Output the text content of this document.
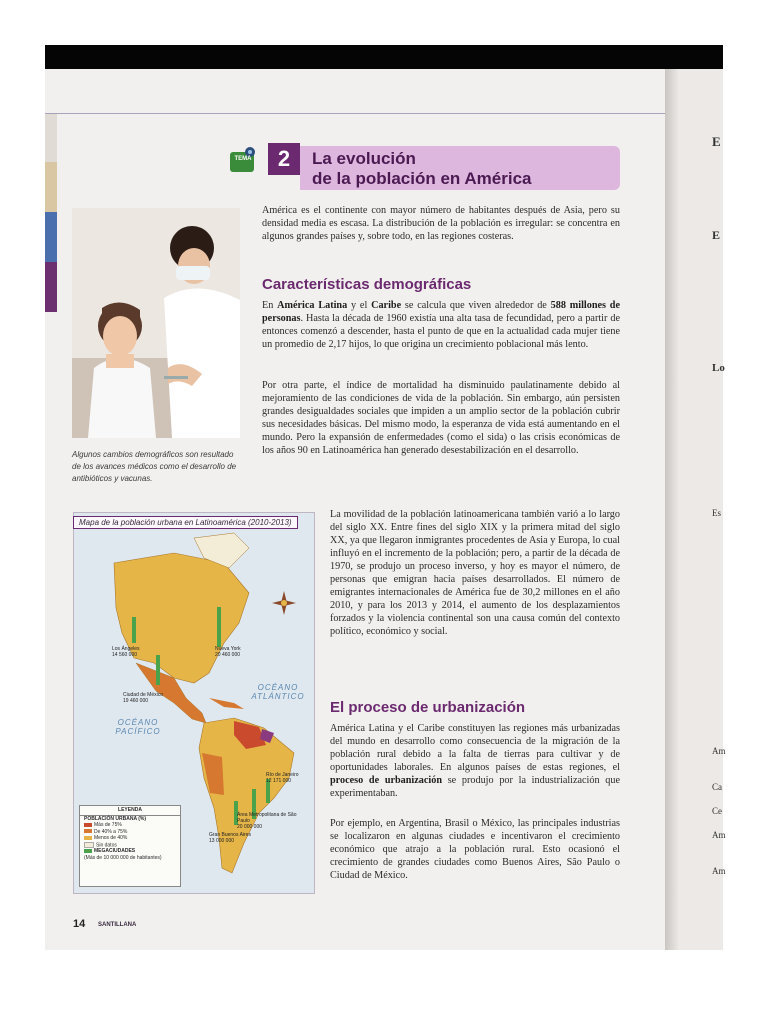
TEMA	2	La evolución
de la población en América
Algunos cambios demográficos son resultado de los avances médicos como el desarrollo de antibióticos y vacunas.

América es el continente con mayor número de habitantes después de Asia, pero su densidad media es escasa. La distribución de la población es irregular: se concentra en algunos grandes países y, sobre todo, en las regiones costeras.

Características demográficas

En América Latina y el Caribe se calcula que viven alrededor de 588 millones de personas. Hasta la década de 1960 existía una alta tasa de fecundidad, pero a partir de entonces comenzó a descender, hasta el punto de que en la actualidad cada mujer tiene un promedio de 2,17 hijos, lo que origina un crecimiento poblacional más lento.

Por otra parte, el índice de mortalidad ha disminuido paulatinamente debido al mejoramiento de las condiciones de vida de la población. Sin embargo, aún persisten grandes desigualdades sociales que impiden a un amplio sector de la población cubrir sus necesidades básicas. Del mismo modo, la esperanza de vida está aumentando en el mundo. Pero la expansión de enfermedades (como el sida) o las crisis económicas de los años 90 en Latinoamérica han generado desestabilización en el desarrollo.

La movilidad de la población latinoamericana también varió a lo largo del siglo XX. Entre fines del siglo XIX y la primera mitad del siglo XX, ya que llegaron inmigrantes procedentes de Asia y Europa, lo cual influyó en el incremento de la población; pero, a partir de la década de 1970, se produjo un proceso inverso, y hoy es mayor el número, de personas que emigran hacia países desarrollados. El número de emigrantes internacionales de América fue de 30,2 millones en el año 2010, y para los 2013 y 2014, el aumento de los desplazamientos forzados y la violencia continental son una causa común del contexto político, económico y social.

El proceso de urbanización

América Latina y el Caribe constituyen las regiones más urbanizadas del mundo en desarrollo como consecuencia de la migración de la población rural debido a la falta de tierras para cultivar y de oportunidades laborales. En algunos países de estas regiones, el proceso de urbanización se produjo por la industrialización que experimentaban.

Por ejemplo, en Argentina, Brasil o México, las principales industrias se localizaron en algunas ciudades e incentivaron el crecimiento económico que atrajo a la población rural. Esto ocasionó el crecimiento de grandes ciudades como Buenos Aires, São Paulo o Ciudad de México.

Mapa de la población urbana en Latinoamérica (2010-2013)
OCÉANO ATLÁNTICO
OCÉANO PACÍFICO
Los Ángeles
14 560 000
Nueva York
20 460 000
Ciudad de México
19 460 000
Río de Janeiro
12 171 000
Área Metropolitana de São Paulo
20 000 000
Gran Buenos Aires
13 000 000
LEYENDA
POBLACIÓN URBANA (%)
Más de 75%
De 40% a 75%
Menos de 40%
Sin datos
MEGACIUDADES
(Más de 10 000 000 de habitantes)
14 SANTILLANA
E
E
Lo
Es
Am
Ca
Ce
Am
Am
